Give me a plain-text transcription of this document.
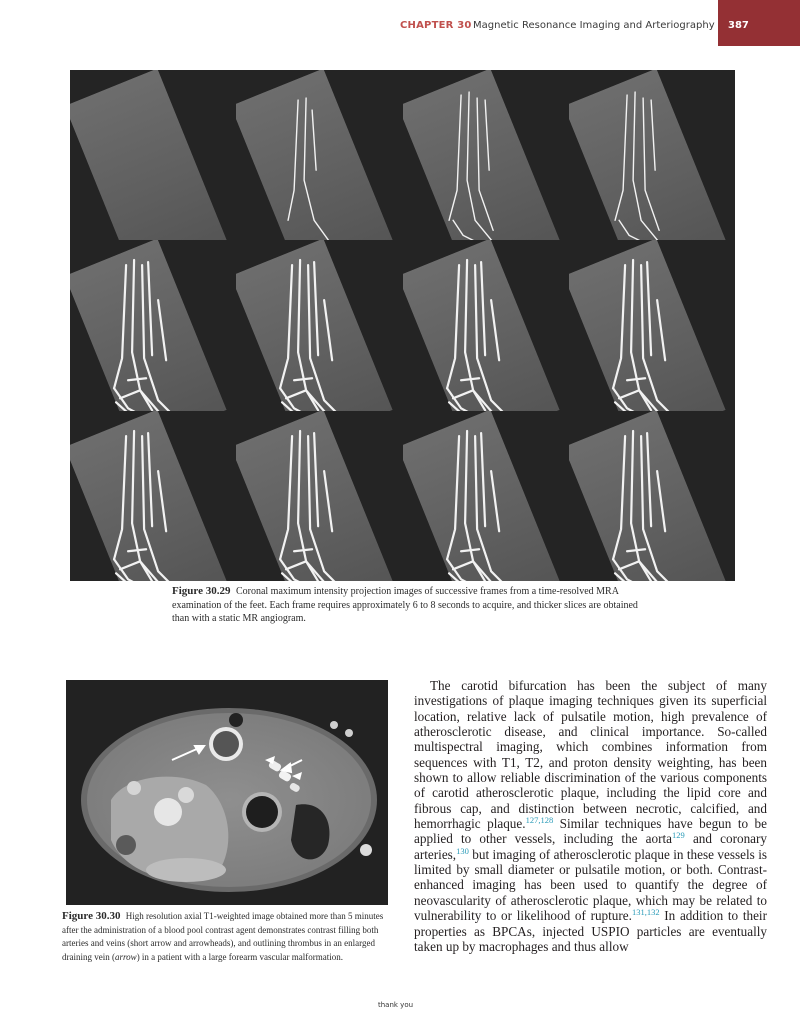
CHAPTER 30 Magnetic Resonance Imaging and Arteriography 387
Figure 30.29 Coronal maximum intensity projection images of successive frames from a time-resolved MRA examination of the feet. Each frame requires approximately 6 to 8 seconds to acquire, and thicker slices are obtained than with a static MR angiogram.
Figure 30.30 High resolution axial T1-weighted image obtained more than 5 minutes after the administration of a blood pool contrast agent demonstrates contrast filling both arteries and veins (short arrow and arrowheads), and outlining thrombus in an enlarged draining vein (arrow) in a patient with a large forearm vascular malformation.

The carotid bifurcation has been the subject of many investigations of plaque imaging techniques given its superficial location, relative lack of pulsatile motion, high prevalence of atherosclerotic disease, and clinical importance. So-called multispectral imaging, which combines information from sequences with T1, T2, and proton density weighting, has been shown to allow reliable discrimination of the various components of carotid atherosclerotic plaque, including the lipid core and fibrous cap, and distinction between necrotic, calcified, and hemorrhagic plaque.$^{127,128}$ Similar techniques have begun to be applied to other vessels, including the aorta$^{129}$ and coronary arteries,$^{130}$ but imaging of atherosclerotic plaque in these vessels is limited by small diameter or pulsatile motion, or both. Contrast-enhanced imaging has been used to quantify the degree of neovascularity of atherosclerotic plaque, which may be related to vulnerability to or likelihood of rupture.$^{131,132}$ In addition to their properties as BPCAs, injected USPIO particles are eventually taken up by macrophages and thus allow

thank you
